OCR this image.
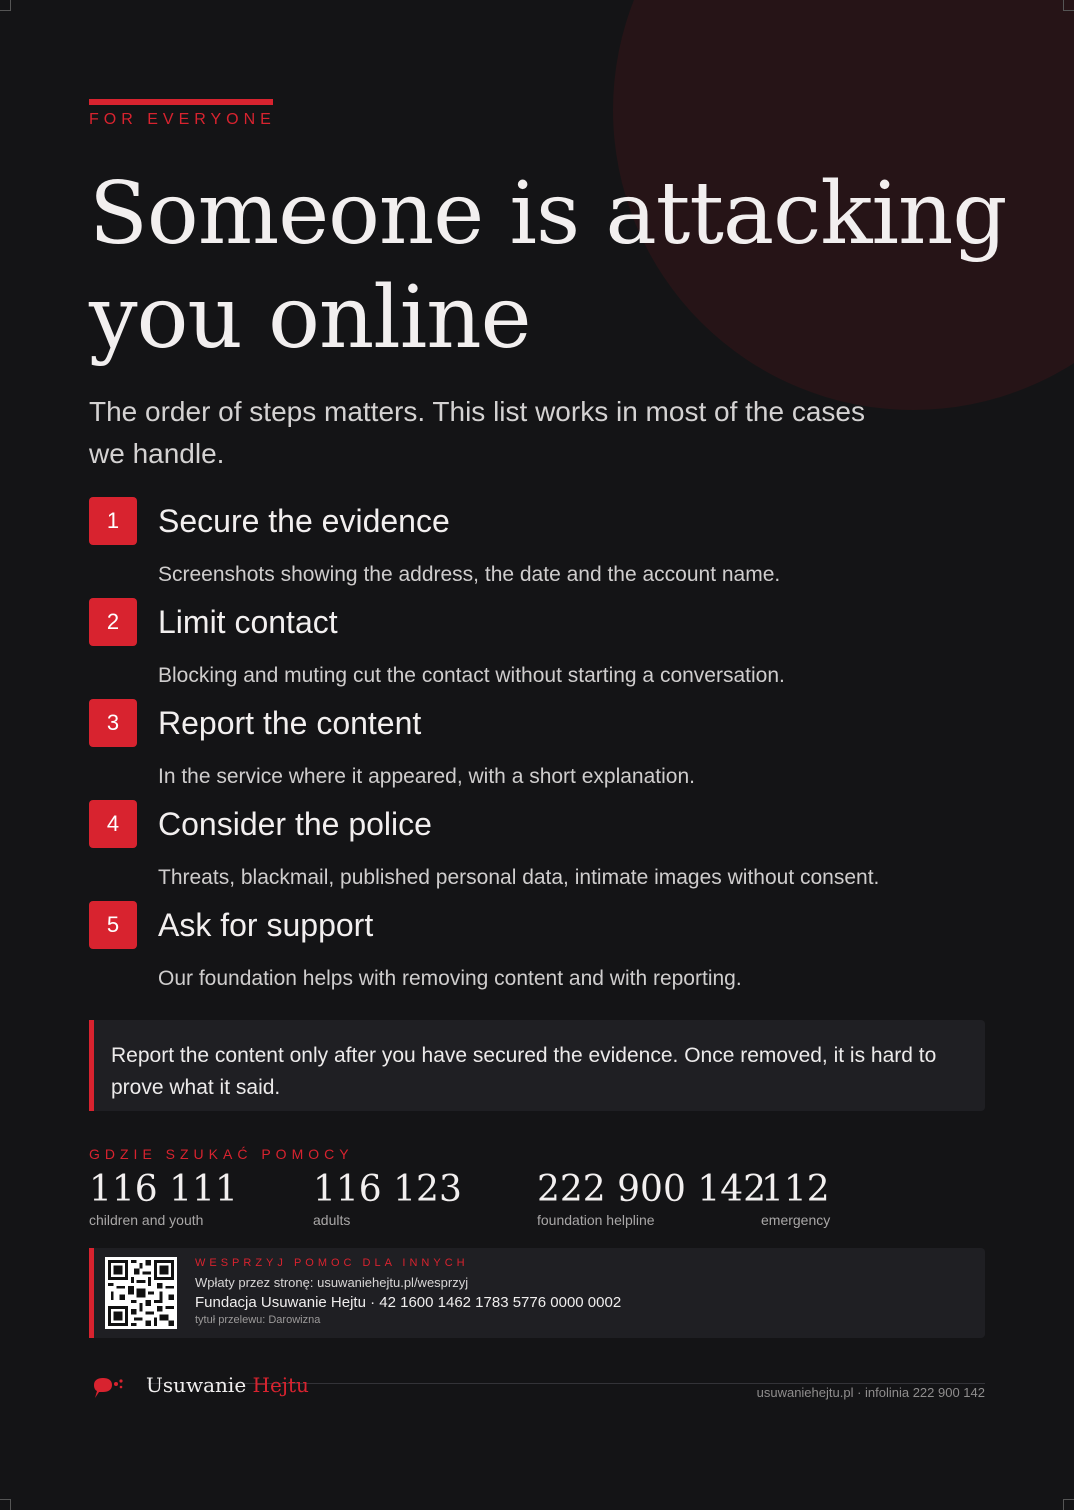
FOR EVERYONE
Someone is attacking you online

The order of steps matters. This list works in most of the cases we handle.

1	Secure the evidence
Screenshots showing the address, the date and the account name.
2	Limit contact
Blocking and muting cut the contact without starting a conversation.
3	Report the content
In the service where it appeared, with a short explanation.
4	Consider the police
Threats, blackmail, published personal data, intimate images without consent.
5	Ask for support
Our foundation helps with removing content and with reporting.

Report the content only after you have secured the evidence. Once removed, it is hard to prove what it said.

GDZIE SZUKAĆ POMOCY
116 111
children and youth
116 123
adults
222 900 142
foundation helpline
112
emergency
WESPRZYJ POMOC DLA INNYCH
Wpłaty przez stronę: usuwaniehejtu.pl/wesprzyj
Fundacja Usuwanie Hejtu · 42 1600 1462 1783 5776 0000 0002
tytuł przelewu: Darowizna
Usuwanie Hejtu	usuwaniehejtu.pl · infolinia 222 900 142
